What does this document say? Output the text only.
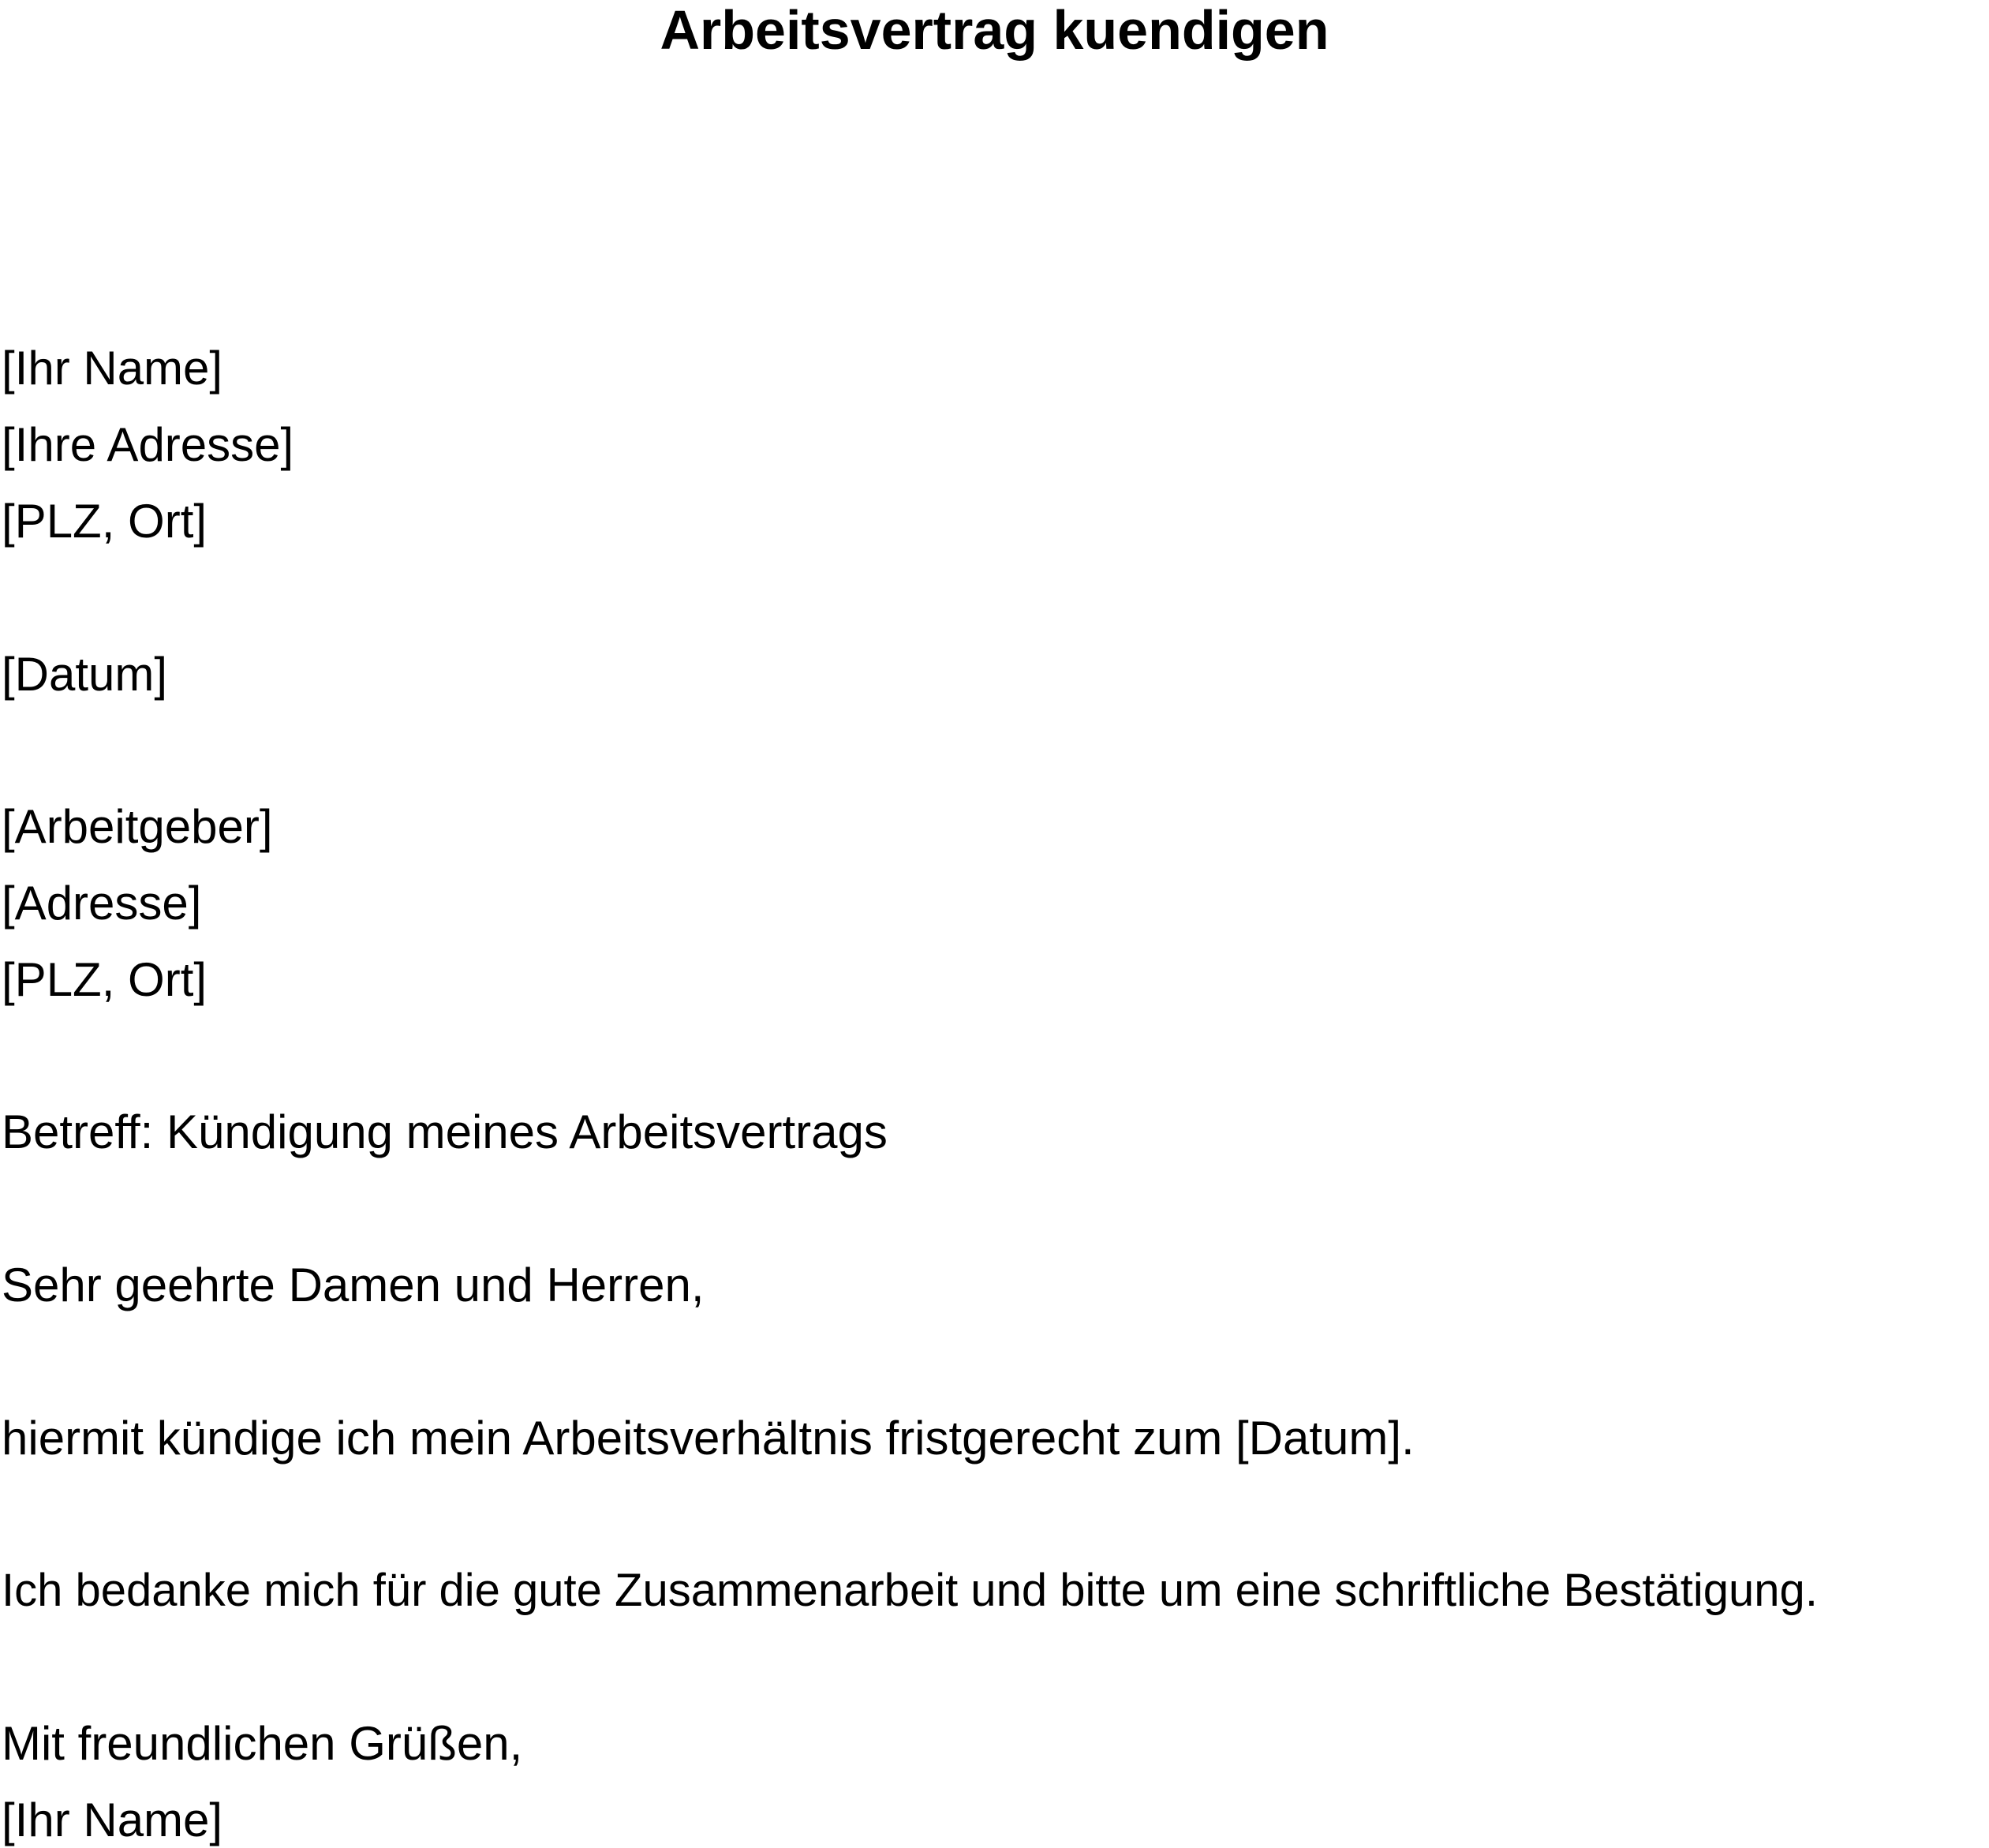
Arbeitsvertrag kuendigen

[Ihr Name]

[Ihre Adresse]

[PLZ, Ort]

[Datum]

[Arbeitgeber]

[Adresse]

[PLZ, Ort]

Betreff: Kündigung meines Arbeitsvertrags

Sehr geehrte Damen und Herren,

hiermit kündige ich mein Arbeitsverhältnis fristgerecht zum [Datum].

Ich bedanke mich für die gute Zusammenarbeit und bitte um eine schriftliche Bestätigung.

Mit freundlichen Grüßen,

[Ihr Name]
